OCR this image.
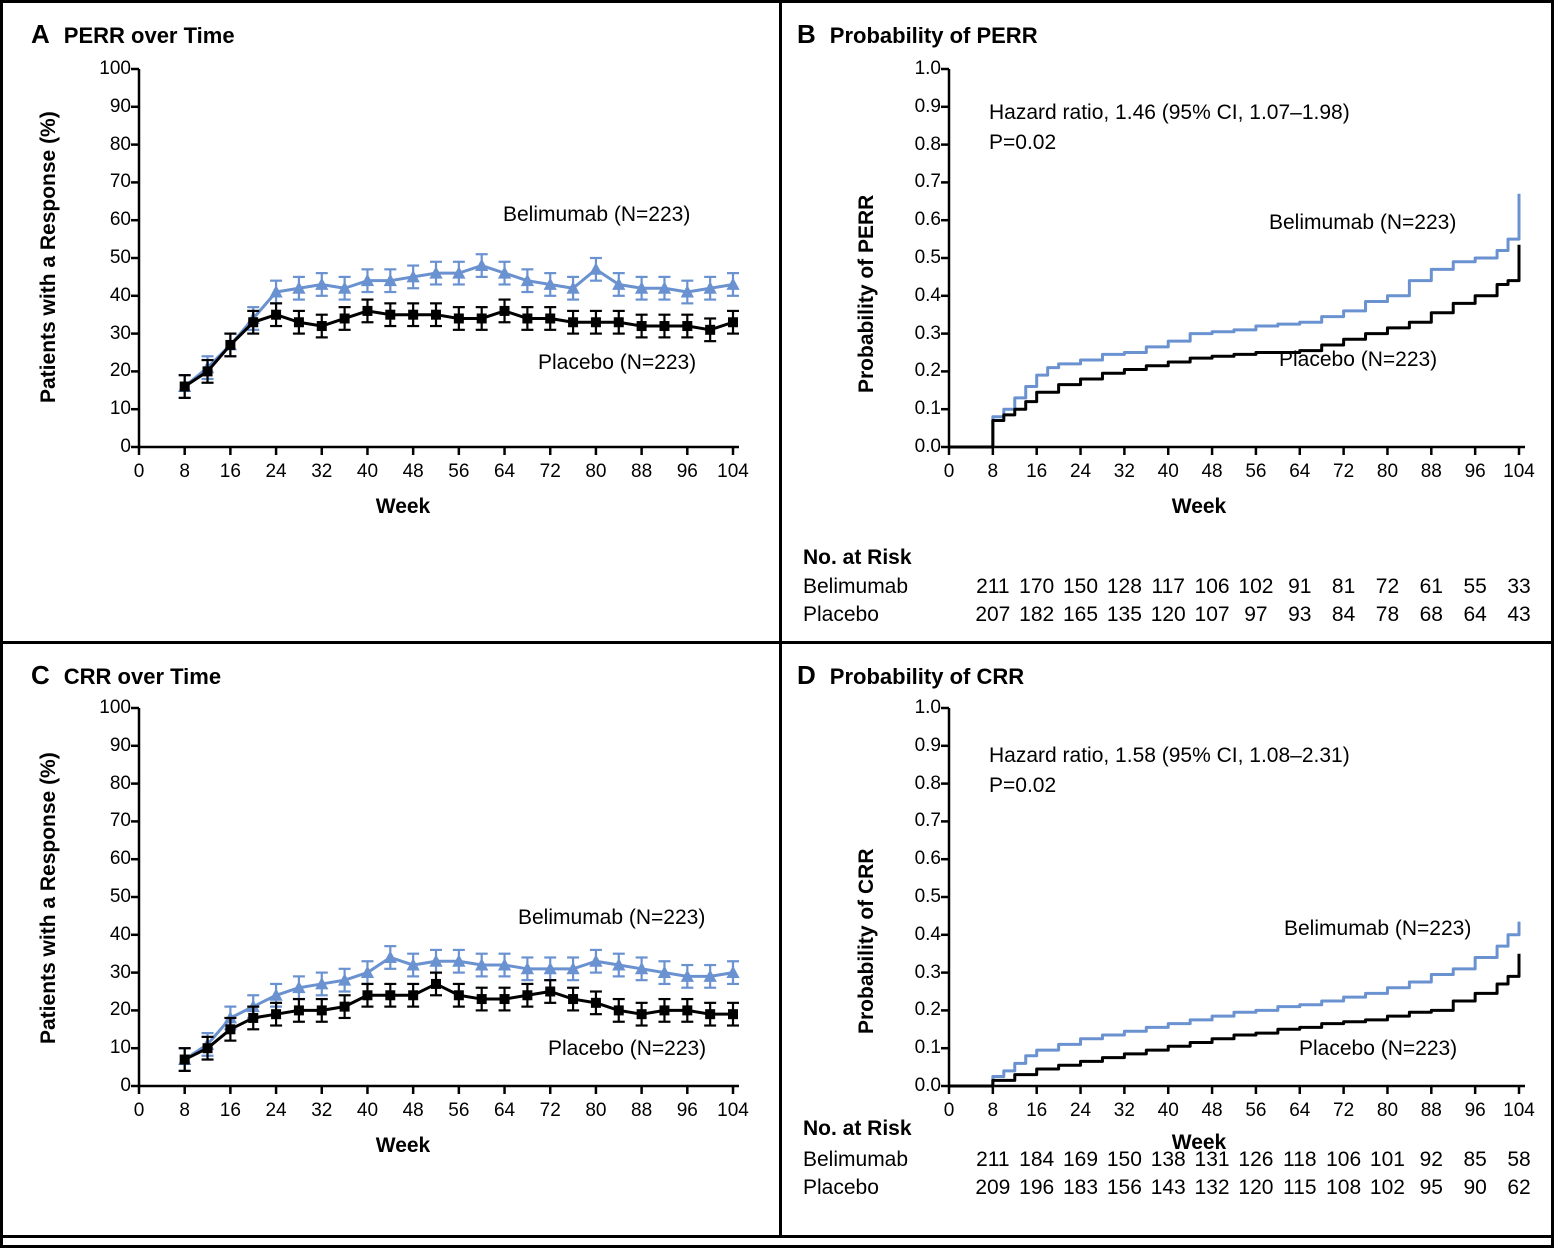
A PERR over Time
0
10
20
30
40
50
60
70
80
90
100
0 8 16 24 32 40 48 56 64 72 80 88 96 104
Patients with a Response (%)
Week
Belimumab (N=223)
Placebo (N=223)
B Probability of PERR
0.0
0.1
0.2
0.3
0.4
0.5
0.6
0.7
0.8
0.9
1.0
0 8 16 24 32 40 48 56 64 72 80 88 96 104
Probability of PERR
Week
Hazard ratio, 1.46 (95% CI, 1.07–1.98)
P=0.02
Belimumab (N=223)
Placebo (N=223)
No. at Risk
Belimumab
Placebo
211 170 150 128 117 106 102 91 81 72 61 55 33
207 182 165 135 120 107 97 93 84 78 68 64 43
C CRR over Time
0
10
20
30
40
50
60
70
80
90
100
0 8 16 24 32 40 48 56 64 72 80 88 96 104
Patients with a Response (%)
Week
Belimumab (N=223)
Placebo (N=223)
D Probability of CRR
0.0
0.1
0.2
0.3
0.4
0.5
0.6
0.7
0.8
0.9
1.0
0 8 16 24 32 40 48 56 64 72 80 88 96 104
Probability of CRR
Week
Hazard ratio, 1.58 (95% CI, 1.08–2.31)
P=0.02
Belimumab (N=223)
Placebo (N=223)
No. at Risk
Belimumab
Placebo
211 184 169 150 138 131 126 118 106 101 92 85 58
209 196 183 156 143 132 120 115 108 102 95 90 62
